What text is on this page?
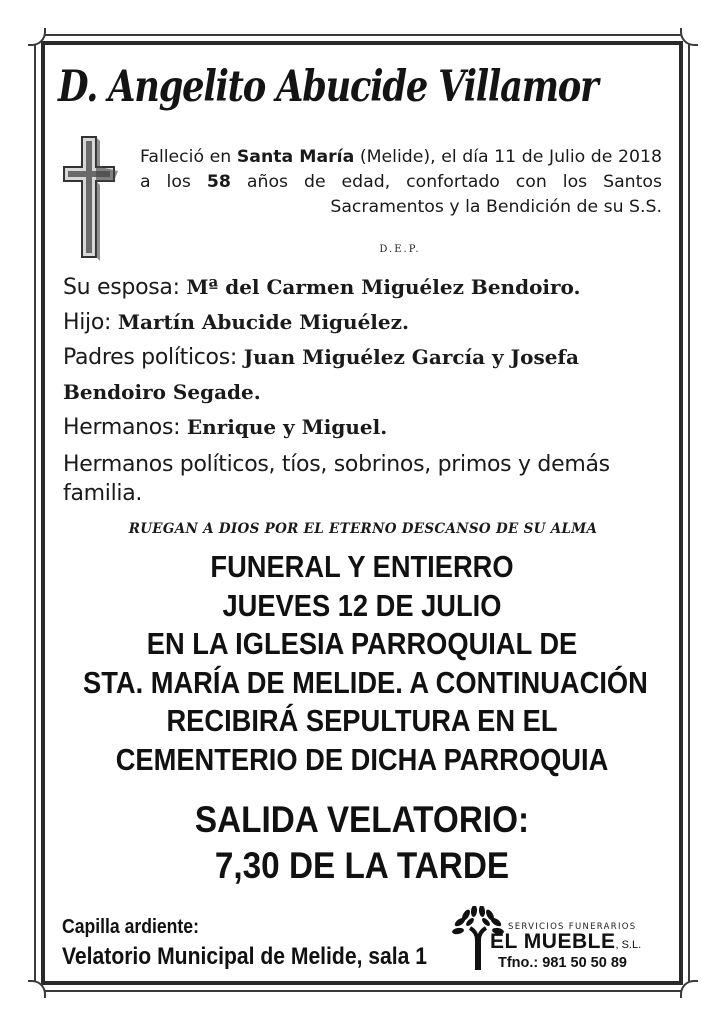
D. Angelito Abucide Villamor
Falleció en Santa María (Melide), el día 11 de Julio de 2018 a los 58 años de edad, confortado con los Santos Sacramentos y la Bendición de su S.S.
D.E.P.

Su esposa: Mª del Carmen Miguélez Bendoiro.

Hijo: Martín Abucide Miguélez.

Padres políticos: Juan Miguélez García y Josefa Bendoiro Segade.

Hermanos: Enrique y Miguel.

Hermanos políticos, tíos, sobrinos, primos y demás familia.

RUEGAN A DIOS POR EL ETERNO DESCANSO DE SU ALMA
FUNERAL Y ENTIERRO
JUEVES 12 DE JULIO
EN LA IGLESIA PARROQUIAL DE
STA. MARÍA DE MELIDE. A CONTINUACIÓN
RECIBIRÁ SEPULTURA EN EL
CEMENTERIO DE DICHA PARROQUIA
SALIDA VELATORIO:
7,30 DE LA TARDE
Capilla ardiente:
Velatorio Municipal de Melide, sala 1
SERVICIOS FUNERARIOS
EL MUEBLE, S.L.
Tfno.: 981 50 50 89
